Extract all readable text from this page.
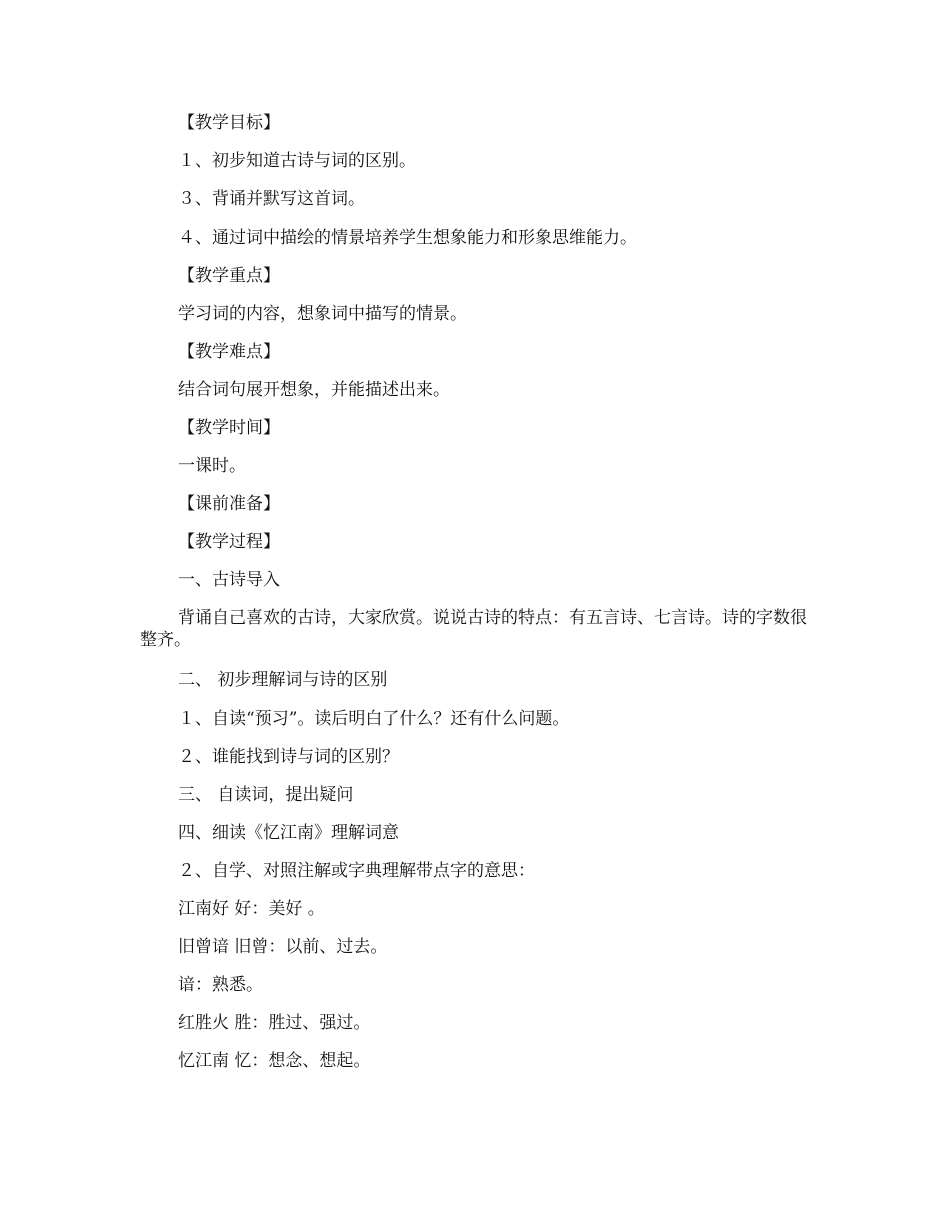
【教学目标】
１、初步知道古诗与词的区别。
３、背诵并默写这首词。
４、通过词中描绘的情景培养学生想象能力和形象思维能力。
【教学重点】
学习词的内容，想象词中描写的情景。
【教学难点】
结合词句展开想象，并能描述出来。
【教学时间】
一课时。
【课前准备】
【教学过程】
一、古诗导入
背诵自己喜欢的古诗，大家欣赏。说说古诗的特点：有五言诗、七言诗。诗的字数很整齐。
二、 初步理解词与诗的区别
１、自读“预习”。读后明白了什么？还有什么问题。
２、谁能找到诗与词的区别？
三、 自读词，提出疑问
四、细读《忆江南》理解词意
２、自学、对照注解或字典理解带点字的意思：
江南好 好：美好 。
旧曾谙 旧曾：以前、过去。
谙：熟悉。
红胜火 胜：胜过、强过。
忆江南 忆：想念、想起。
